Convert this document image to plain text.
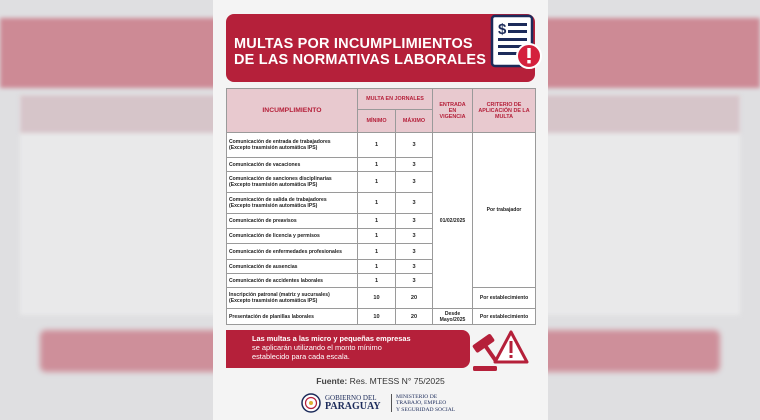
MULTAS POR INCUMPLIMIENTOS
DE LAS NORMATIVAS LABORALES
$
INCUMPLIMIENTO	MULTA EN JORNALES		ENTRADA EN VIGENCIA	CRITERIO DE APLICACIÓN DE LA MULTA
	MÍNIMO	MÁXIMO		
Comunicación de entrada de trabajadores
(Excepto trasmisión automática IPS)	1	3	01/02/2025	Por trabajador
Comunicación de vacaciones	1	3		
Comunicación de sanciones disciplinarias
(Excepto trasmisión automática IPS)	1	3		
Comunicación de salida de trabajadores
(Excepto trasmisión automática IPS)	1	3		
Comunicación de preavisos	1	3		
Comunicación de licencia y permisos	1	3		
Comunicación de enfermedades profesionales	1	3		
Comunicación de ausencias	1	3		
Comunicación de accidentes laborales	1	3		
Inscripción patronal (matriz y sucursales)
(Excepto trasmisión automática IPS)	10	20		Por establecimiento
Presentación de planillas laborales	10	20	Desde Mayo/2025	Por establecimiento
Las multas a las micro y pequeñas empresas
se aplicarán utilizando el monto mínimo
establecido para cada escala.
Fuente: Res. MTESS N° 75/2025
GOBIERNO DEL
PARAGUAY
MINISTERIO DE
TRABAJO, EMPLEO
Y SEGURIDAD SOCIAL
